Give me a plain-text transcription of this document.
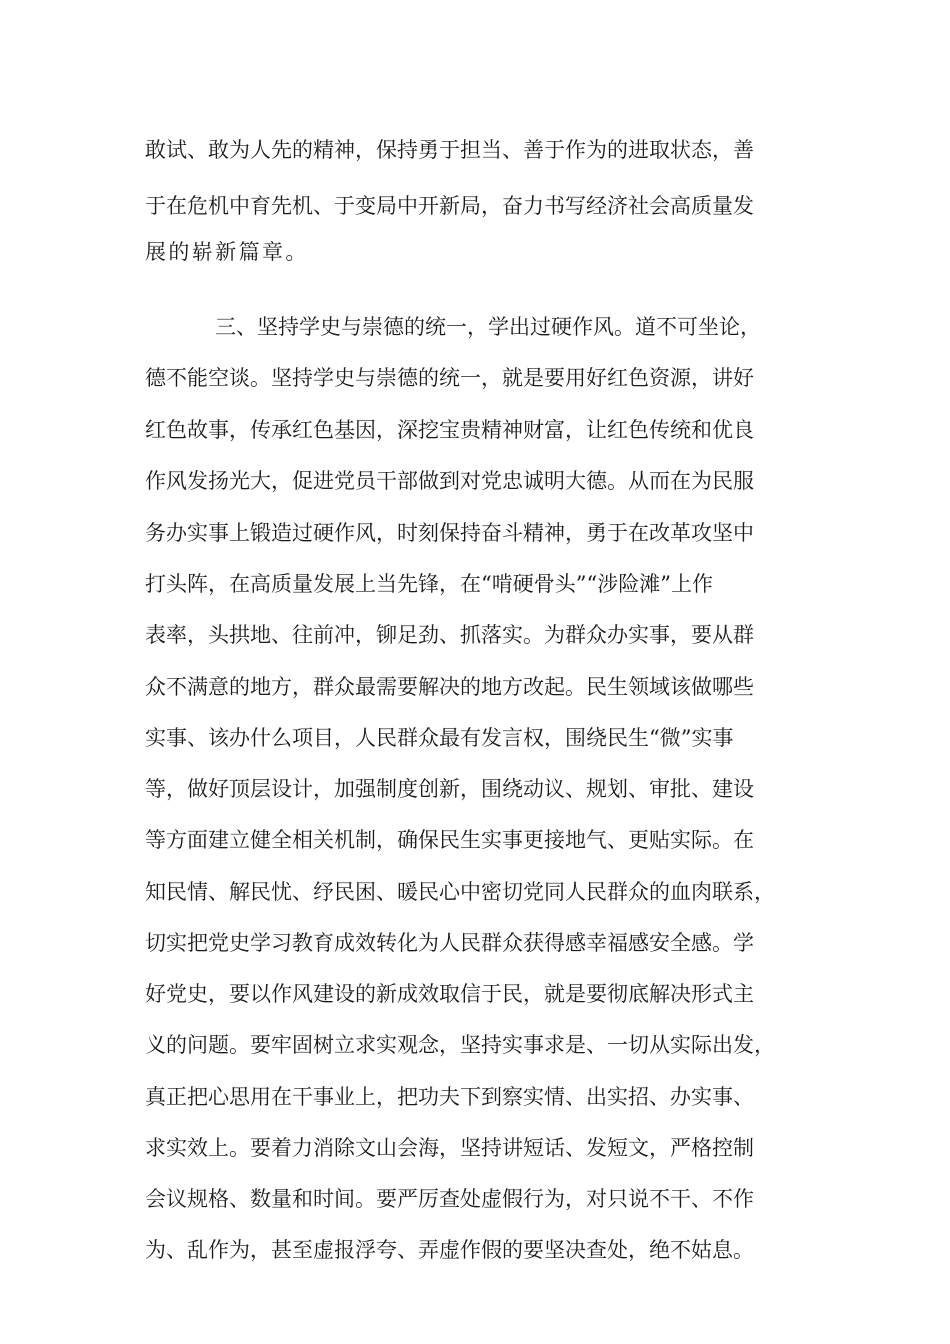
敢试、敢为人先的精神，保持勇于担当、善于作为的进取状态，善
于在危机中育先机、于变局中开新局，奋力书写经济社会高质量发
展的崭新篇章。
三、坚持学史与崇德的统一，学出过硬作风。道不可坐论，
德不能空谈。坚持学史与崇德的统一，就是要用好红色资源，讲好
红色故事，传承红色基因，深挖宝贵精神财富，让红色传统和优良
作风发扬光大，促进党员干部做到对党忠诚明大德。从而在为民服
务办实事上锻造过硬作风，时刻保持奋斗精神，勇于在改革攻坚中
打头阵，在高质量发展上当先锋，在“啃硬骨头”“涉险滩”上作
表率，头拱地、往前冲，铆足劲、抓落实。为群众办实事，要从群
众不满意的地方，群众最需要解决的地方改起。民生领域该做哪些
实事、该办什么项目，人民群众最有发言权，围绕民生“微”实事
等，做好顶层设计，加强制度创新，围绕动议、规划、审批、建设
等方面建立健全相关机制，确保民生实事更接地气、更贴实际。在
知民情、解民忧、纾民困、暖民心中密切党同人民群众的血肉联系，
切实把党史学习教育成效转化为人民群众获得感幸福感安全感。学
好党史，要以作风建设的新成效取信于民，就是要彻底解决形式主
义的问题。要牢固树立求实观念，坚持实事求是、一切从实际出发，
真正把心思用在干事业上，把功夫下到察实情、出实招、办实事、
求实效上。要着力消除文山会海，坚持讲短话、发短文，严格控制
会议规格、数量和时间。要严厉查处虚假行为，对只说不干、不作
为、乱作为，甚至虚报浮夸、弄虚作假的要坚决查处，绝不姑息。
